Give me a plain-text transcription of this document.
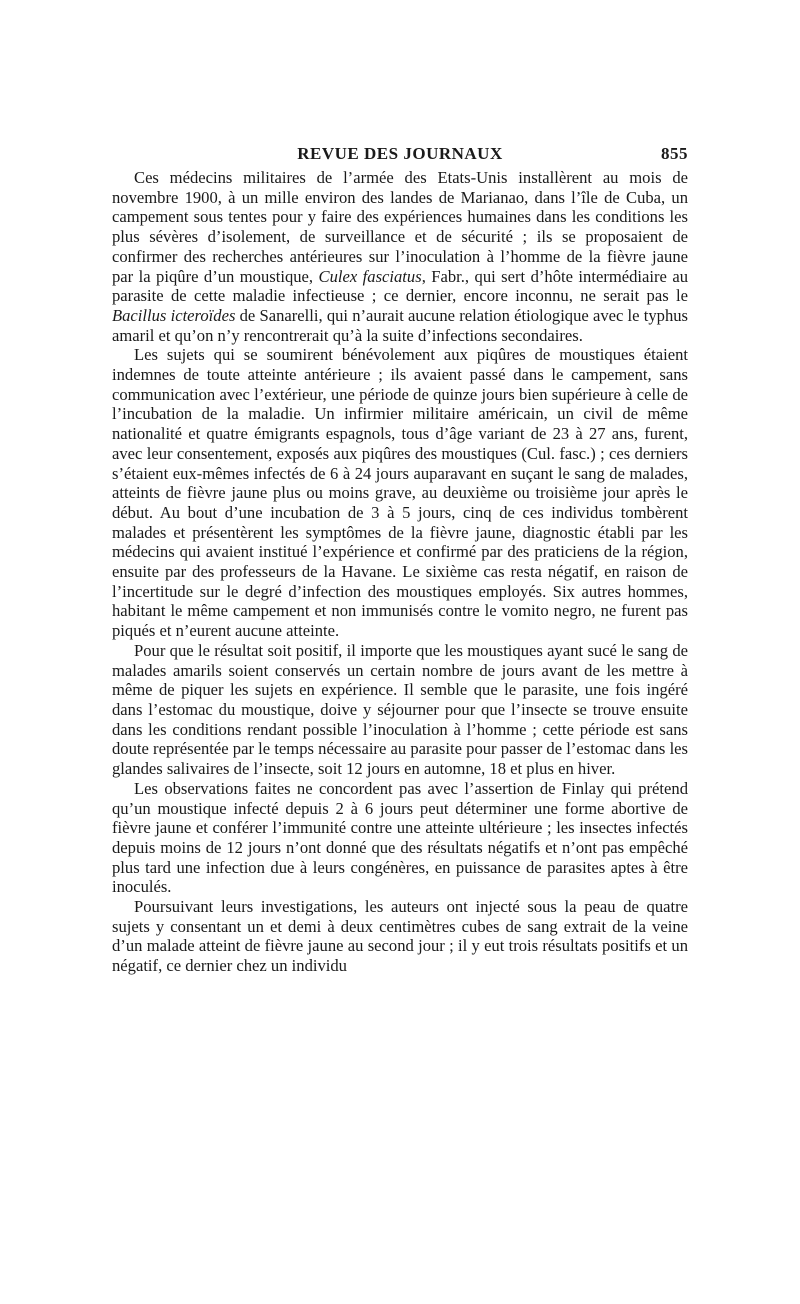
REVUE DES JOURNAUX	855

Ces médecins militaires de l’armée des Etats-Unis installèrent au mois de novembre 1900, à un mille environ des landes de Marianao, dans l’île de Cuba, un campement sous tentes pour y faire des expériences humaines dans les conditions les plus sévères d’isolement, de surveillance et de sécurité ; ils se proposaient de confirmer des recherches antérieures sur l’inoculation à l’homme de la fièvre jaune par la piqûre d’un moustique, Culex fasciatus, Fabr., qui sert d’hôte intermédiaire au parasite de cette maladie infectieuse ; ce dernier, encore inconnu, ne serait pas le Bacillus icteroïdes de Sanarelli, qui n’aurait aucune relation étiologique avec le typhus amaril et qu’on n’y rencontrerait qu’à la suite d’infections secondaires.

Les sujets qui se soumirent bénévolement aux piqûres de moustiques étaient indemnes de toute atteinte antérieure ; ils avaient passé dans le campement, sans communication avec l’extérieur, une période de quinze jours bien supérieure à celle de l’incubation de la maladie. Un infirmier militaire américain, un civil de même nationalité et quatre émigrants espagnols, tous d’âge variant de 23 à 27 ans, furent, avec leur consentement, exposés aux piqûres des moustiques (Cul. fasc.) ; ces derniers s’étaient eux-mêmes infectés de 6 à 24 jours auparavant en suçant le sang de malades, atteints de fièvre jaune plus ou moins grave, au deuxième ou troisième jour après le début. Au bout d’une incubation de 3 à 5 jours, cinq de ces individus tombèrent malades et présentèrent les symptômes de la fièvre jaune, diagnostic établi par les médecins qui avaient institué l’expérience et confirmé par des praticiens de la région, ensuite par des professeurs de la Havane. Le sixième cas resta négatif, en raison de l’incertitude sur le degré d’infection des moustiques employés. Six autres hommes, habitant le même campement et non immunisés contre le vomito negro, ne furent pas piqués et n’eurent aucune atteinte.

Pour que le résultat soit positif, il importe que les moustiques ayant sucé le sang de malades amarils soient conservés un certain nombre de jours avant de les mettre à même de piquer les sujets en expérience. Il semble que le parasite, une fois ingéré dans l’estomac du moustique, doive y séjourner pour que l’insecte se trouve ensuite dans les conditions rendant possible l’inoculation à l’homme ; cette période est sans doute représentée par le temps nécessaire au parasite pour passer de l’estomac dans les glandes salivaires de l’insecte, soit 12 jours en automne, 18 et plus en hiver.

Les observations faites ne concordent pas avec l’assertion de Finlay qui prétend qu’un moustique infecté depuis 2 à 6 jours peut déterminer une forme abortive de fièvre jaune et conférer l’immunité contre une atteinte ultérieure ; les insectes infectés depuis moins de 12 jours n’ont donné que des résultats négatifs et n’ont pas empêché plus tard une infection due à leurs congénères, en puissance de parasites aptes à être inoculés.

Poursuivant leurs investigations, les auteurs ont injecté sous la peau de quatre sujets y consentant un et demi à deux centimètres cubes de sang extrait de la veine d’un malade atteint de fièvre jaune au second jour ; il y eut trois résultats positifs et un négatif, ce dernier chez un individu
